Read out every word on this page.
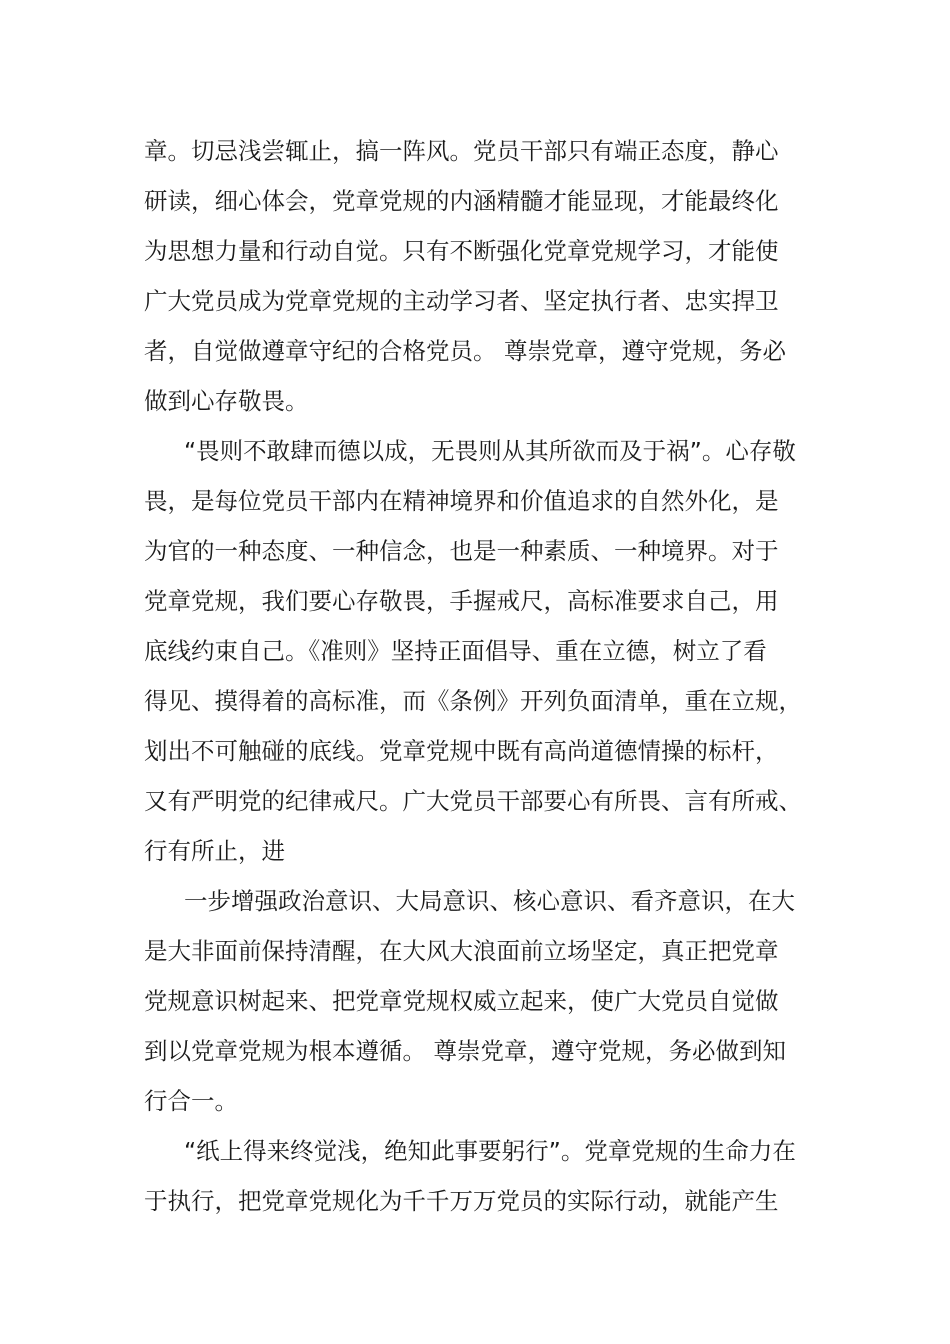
章。切忌浅尝辄止，搞一阵风。党员干部只有端正态度，静心
研读，细心体会，党章党规的内涵精髓才能显现，才能最终化
为思想力量和行动自觉。只有不断强化党章党规学习，才能使
广大党员成为党章党规的主动学习者、坚定执行者、忠实捍卫
者，自觉做遵章守纪的合格党员。 尊崇党章，遵守党规，务必
做到心存敬畏。
“畏则不敢肆而德以成，无畏则从其所欲而及于祸”。心存敬
畏，是每位党员干部内在精神境界和价值追求的自然外化，是
为官的一种态度、一种信念，也是一种素质、一种境界。对于
党章党规，我们要心存敬畏，手握戒尺，高标准要求自己，用
底线约束自己。《准则》坚持正面倡导、重在立德，树立了看
得见、摸得着的高标准，而《条例》开列负面清单，重在立规，
划出不可触碰的底线。党章党规中既有高尚道德情操的标杆，
又有严明党的纪律戒尺。广大党员干部要心有所畏、言有所戒、
行有所止，进
一步增强政治意识、大局意识、核心意识、看齐意识，在大
是大非面前保持清醒，在大风大浪面前立场坚定，真正把党章
党规意识树起来、把党章党规权威立起来，使广大党员自觉做
到以党章党规为根本遵循。 尊崇党章，遵守党规，务必做到知
行合一。
“纸上得来终觉浅，绝知此事要躬行”。党章党规的生命力在
于执行，把党章党规化为千千万万党员的实际行动，就能产生
